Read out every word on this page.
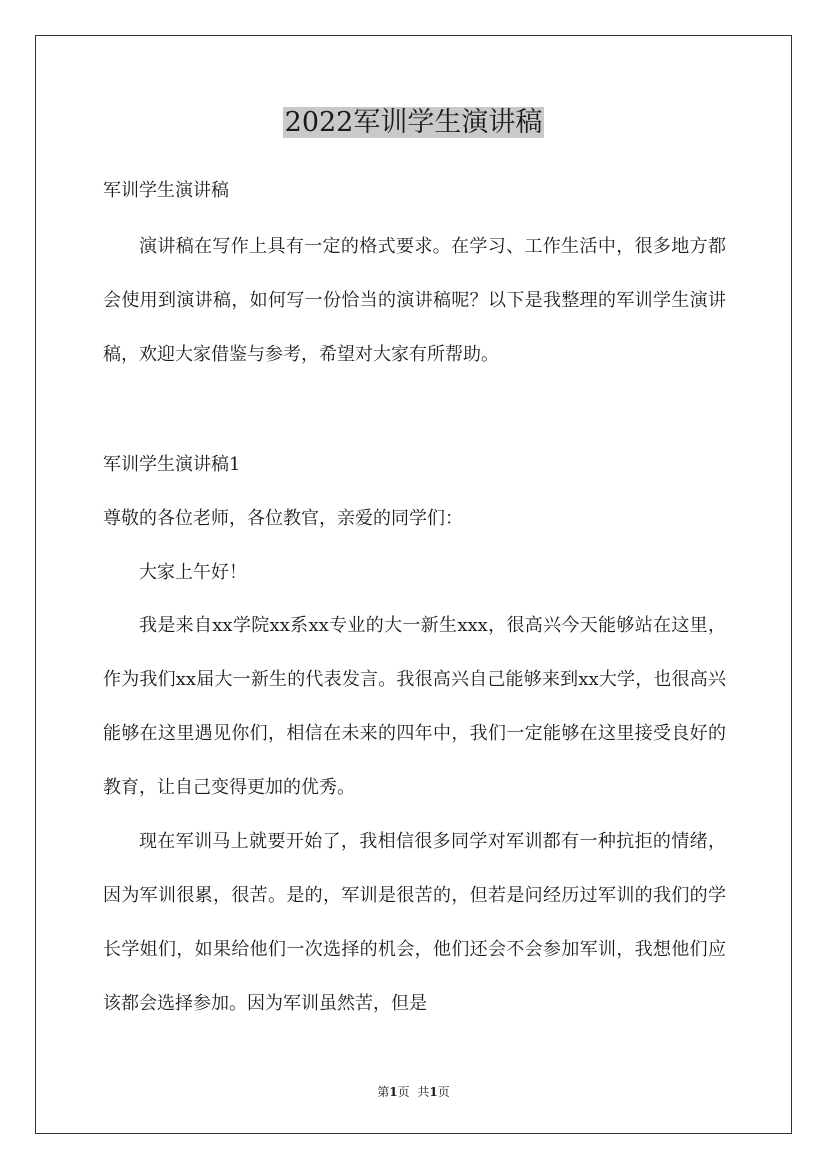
2022军训学生演讲稿

军训学生演讲稿

演讲稿在写作上具有一定的格式要求。在学习、工作生活中，很多地方都会使用到演讲稿，如何写一份恰当的演讲稿呢？以下是我整理的军训学生演讲稿，欢迎大家借鉴与参考，希望对大家有所帮助。

军训学生演讲稿1

尊敬的各位老师，各位教官，亲爱的同学们：

大家上午好！

我是来自xx学院xx系xx专业的大一新生xxx，很高兴今天能够站在这里，作为我们xx届大一新生的代表发言。我很高兴自己能够来到xx大学，也很高兴能够在这里遇见你们，相信在未来的四年中，我们一定能够在这里接受良好的教育，让自己变得更加的优秀。

现在军训马上就要开始了，我相信很多同学对军训都有一种抗拒的情绪，因为军训很累，很苦。是的，军训是很苦的，但若是问经历过军训的我们的学长学姐们，如果给他们一次选择的机会，他们还会不会参加军训，我想他们应该都会选择参加。因为军训虽然苦，但是

第1页 共1页
